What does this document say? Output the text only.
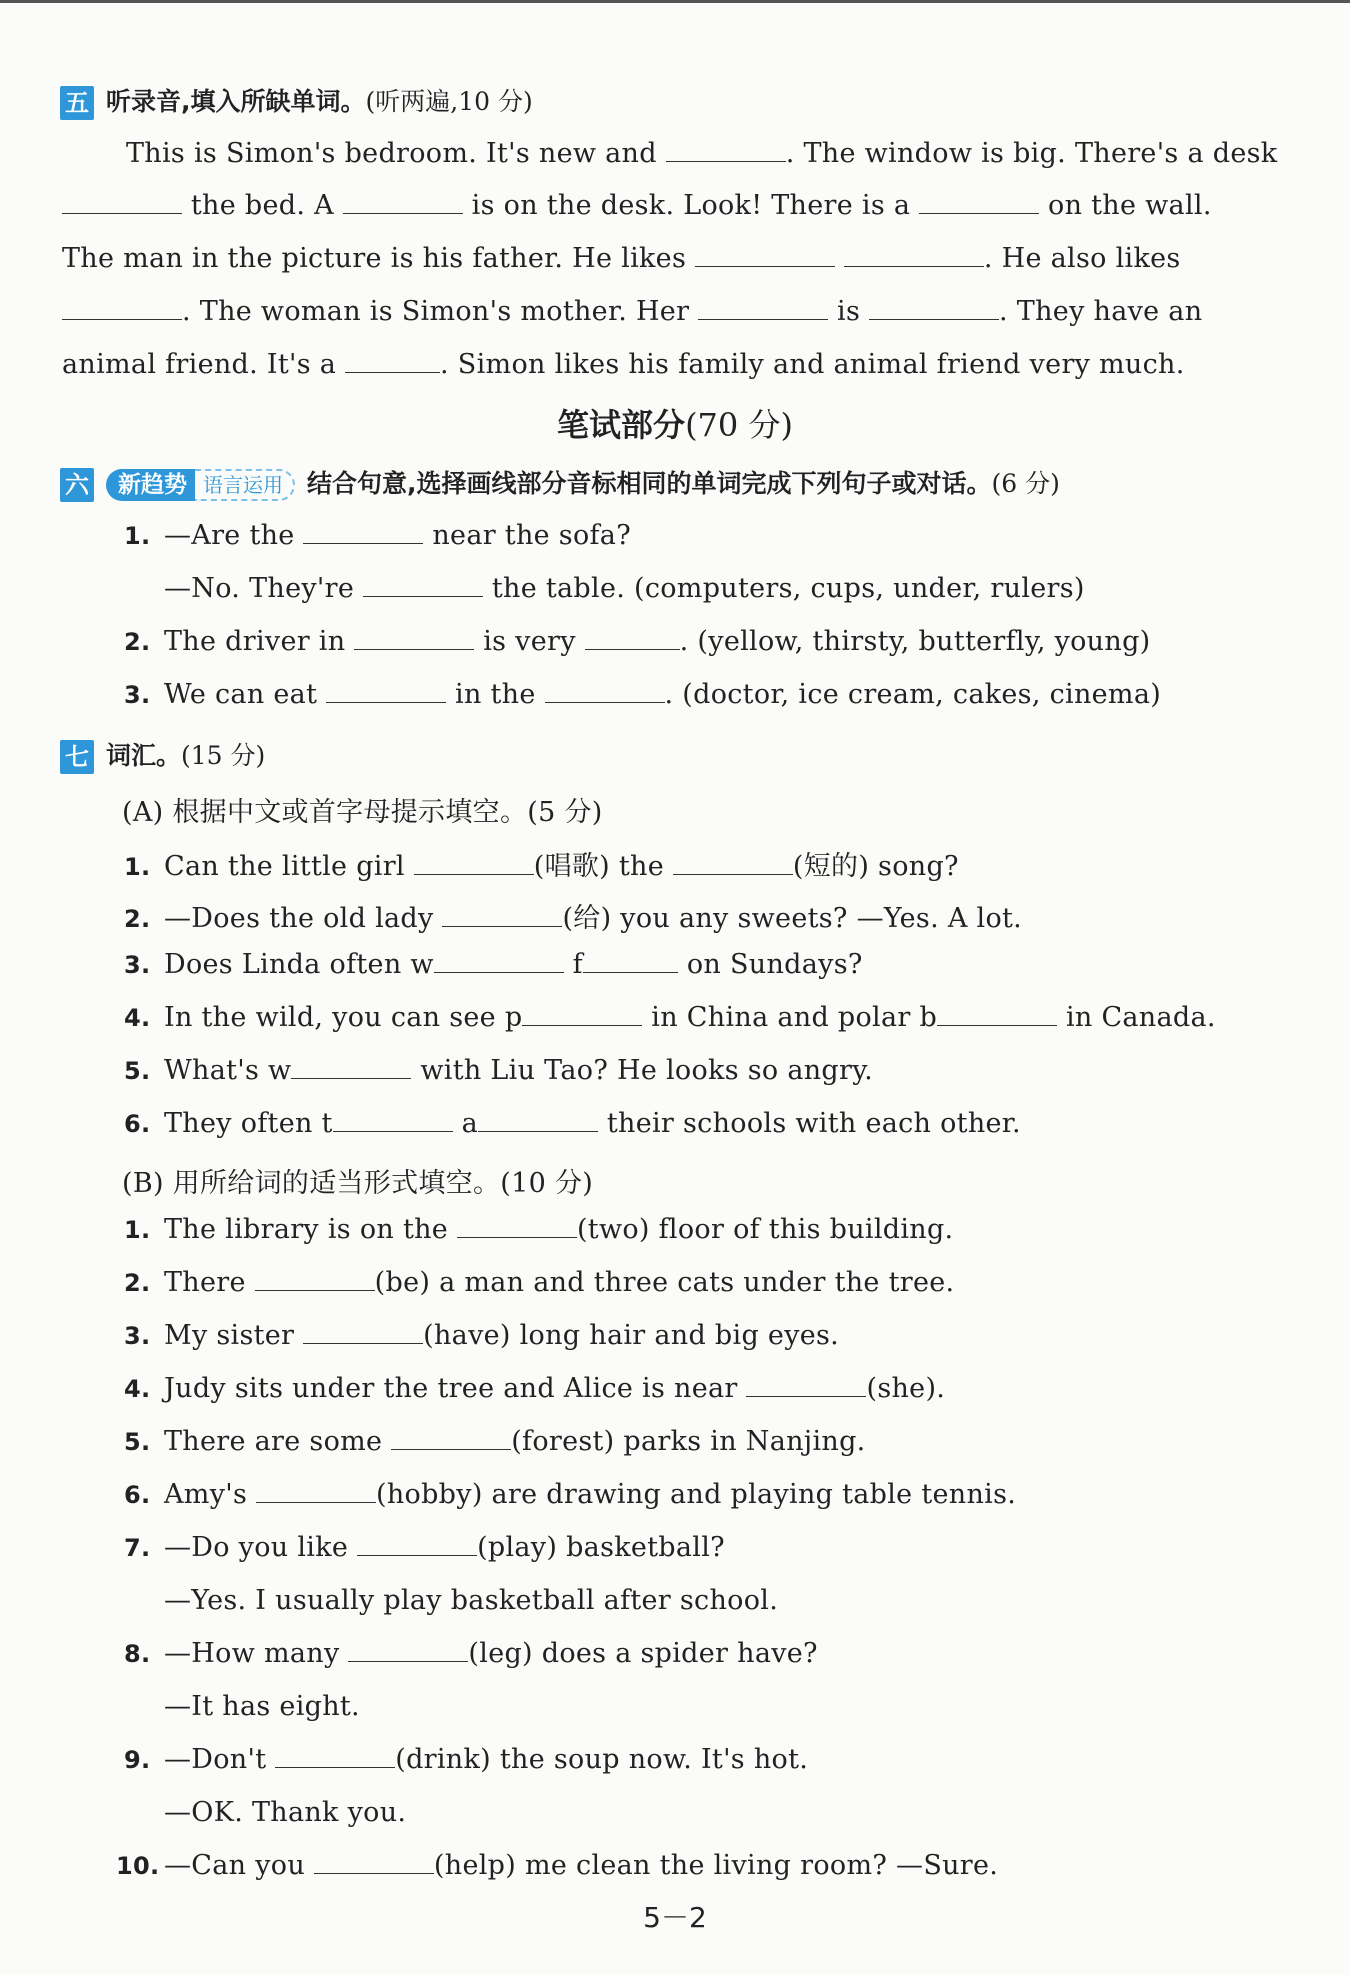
五 听录音,填入所缺单词。(听两遍,10 分)
This is Simon's bedroom. It's new and	. The window is big. There's a desk
the bed. A	is on the desk. Look! There is a	on the wall.
The man in the picture is his father. He likes	. He also likes
. The woman is Simon's mother. Her	is	. They have an
animal friend. It's a	. Simon likes his family and animal friend very much.
笔试部分(70 分)
六 新趋势 语言运用 结合句意,选择画线部分音标相同的单词完成下列句子或对话。(6 分)
1. —Are the	near the sofa?
—No. They're	the table. (computers, cups, under, rulers)
2. The driver in	is very	. (yellow, thirsty, butterfly, young)
3. We can eat	in the	. (doctor, ice cream, cakes, cinema)
七 词汇。(15 分)
(A) 根据中文或首字母提示填空。(5 分)
1. Can the little girl	(唱歌) the	(短的) song?
2. —Does the old lady	(给) you any sweets? —Yes. A lot.
3. Does Linda often w	f	on Sundays?
4. In the wild, you can see p	in China and polar b	in Canada.
5. What's w	with Liu Tao? He looks so angry.
6. They often t	a	their schools with each other.
(B) 用所给词的适当形式填空。(10 分)
1. The library is on the	(two) floor of this building.
2. There	(be) a man and three cats under the tree.
3. My sister	(have) long hair and big eyes.
4. Judy sits under the tree and Alice is near	(she).
5. There are some	(forest) parks in Nanjing.
6. Amy's	(hobby) are drawing and playing table tennis.
7. —Do you like	(play) basketball?
—Yes. I usually play basketball after school.
8. —How many	(leg) does a spider have?
—It has eight.
9. —Don't	(drink) the soup now. It's hot.
—OK. Thank you.
10. —Can you	(help) me clean the living room? —Sure.
5－2
